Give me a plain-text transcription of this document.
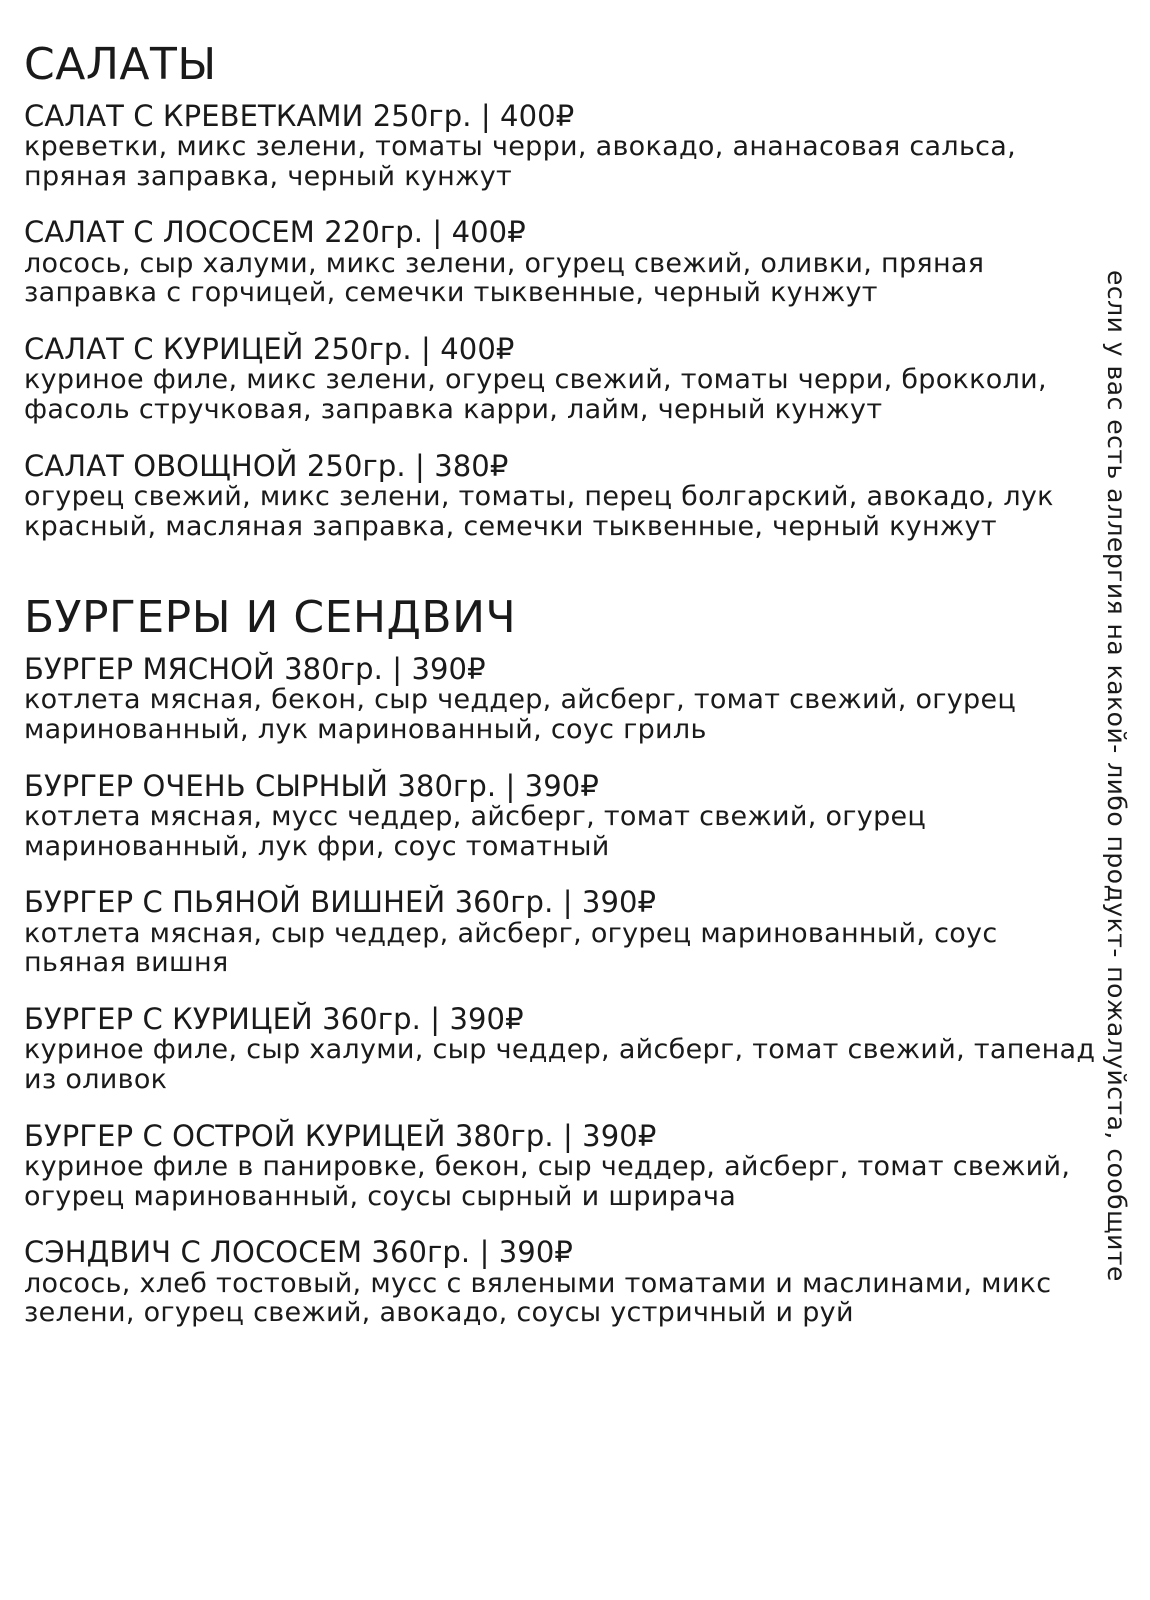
САЛАТЫ
САЛАТ С КРЕВЕТКАМИ 250гр. | 400₽
креветки, микс зелени, томаты черри, авокадо, ананасовая сальса, пряная заправка, черный кунжут
САЛАТ С ЛОСОСЕМ 220гр. | 400₽
лосось, сыр халуми, микс зелени, огурец свежий, оливки, пряная заправка с горчицей, семечки тыквенные, черный кунжут
САЛАТ С КУРИЦЕЙ 250гр. | 400₽
куриное филе, микс зелени, огурец свежий, томаты черри, брокколи, фасоль стручковая, заправка карри, лайм, черный кунжут
САЛАТ ОВОЩНОЙ 250гр. | 380₽
огурец свежий, микс зелени, томаты, перец болгарский, авокадо, лук красный, масляная заправка, семечки тыквенные, черный кунжут
БУРГЕРЫ И СЕНДВИЧ
БУРГЕР МЯСНОЙ 380гр. | 390₽
котлета мясная, бекон, сыр чеддер, айсберг, томат свежий, огурец маринованный, лук маринованный, соус гриль
БУРГЕР ОЧЕНЬ СЫРНЫЙ 380гр. | 390₽
котлета мясная, мусс чеддер, айсберг, томат свежий, огурец маринованный, лук фри, соус томатный
БУРГЕР С ПЬЯНОЙ ВИШНЕЙ 360гр. | 390₽
котлета мясная, сыр чеддер, айсберг, огурец маринованный, соус пьяная вишня
БУРГЕР С КУРИЦЕЙ 360гр. | 390₽
куриное филе, сыр халуми, сыр чеддер, айсберг, томат свежий, тапенад из оливок
БУРГЕР С ОСТРОЙ КУРИЦЕЙ 380гр. | 390₽
куриное филе в панировке, бекон, сыр чеддер, айсберг, томат свежий, огурец маринованный, соусы сырный и шрирача
СЭНДВИЧ С ЛОСОСЕМ 360гр. | 390₽
лосось, хлеб тостовый, мусс с вялеными томатами и маслинами, микс зелени, огурец свежий, авокадо, соусы устричный и руй
если у вас есть аллергия на какой- либо продукт- пожалуйста, сообщите
